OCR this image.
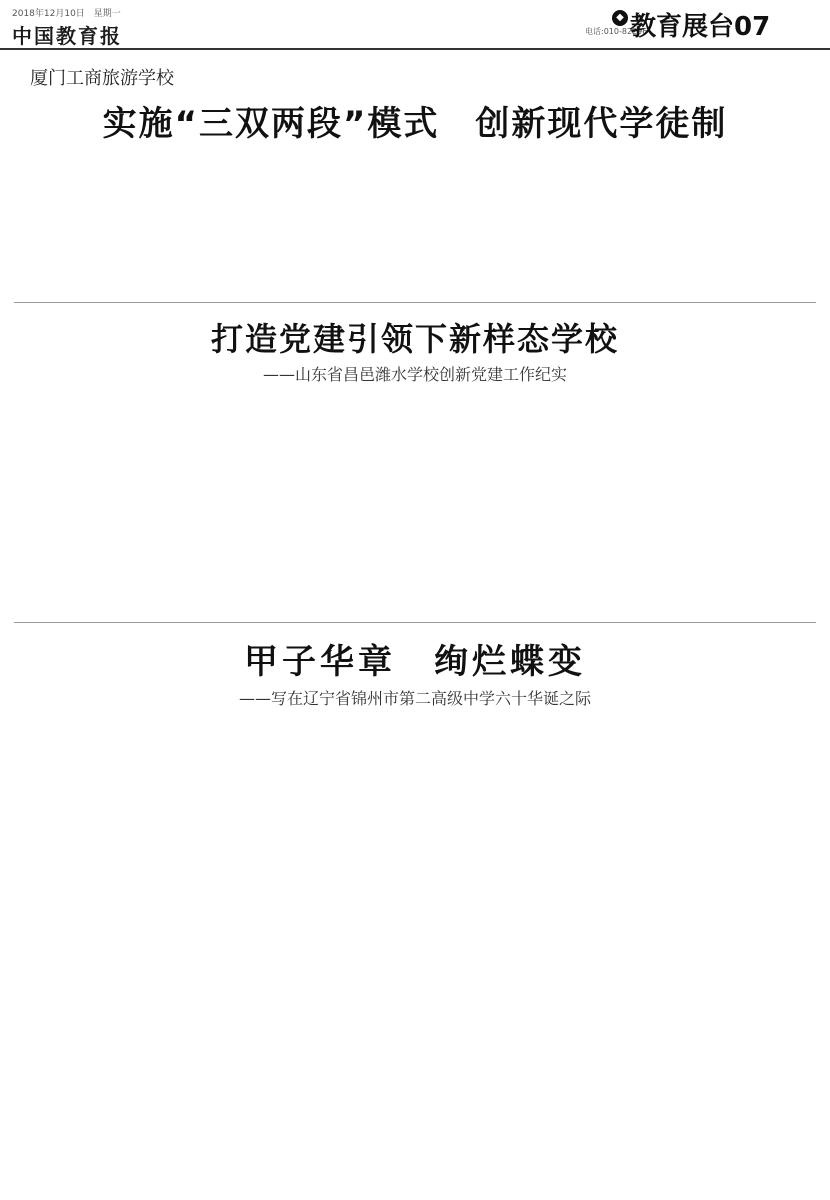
2018年12月10日　星期一
中国教育报
◆
电话:010-82296
教育展台07
厦门工商旅游学校
实施“三双两段”模式　创新现代学徒制
打造党建引领下新样态学校
——山东省昌邑潍水学校创新党建工作纪实
甲子华章　绚烂蝶变
——写在辽宁省锦州市第二高级中学六十华诞之际
